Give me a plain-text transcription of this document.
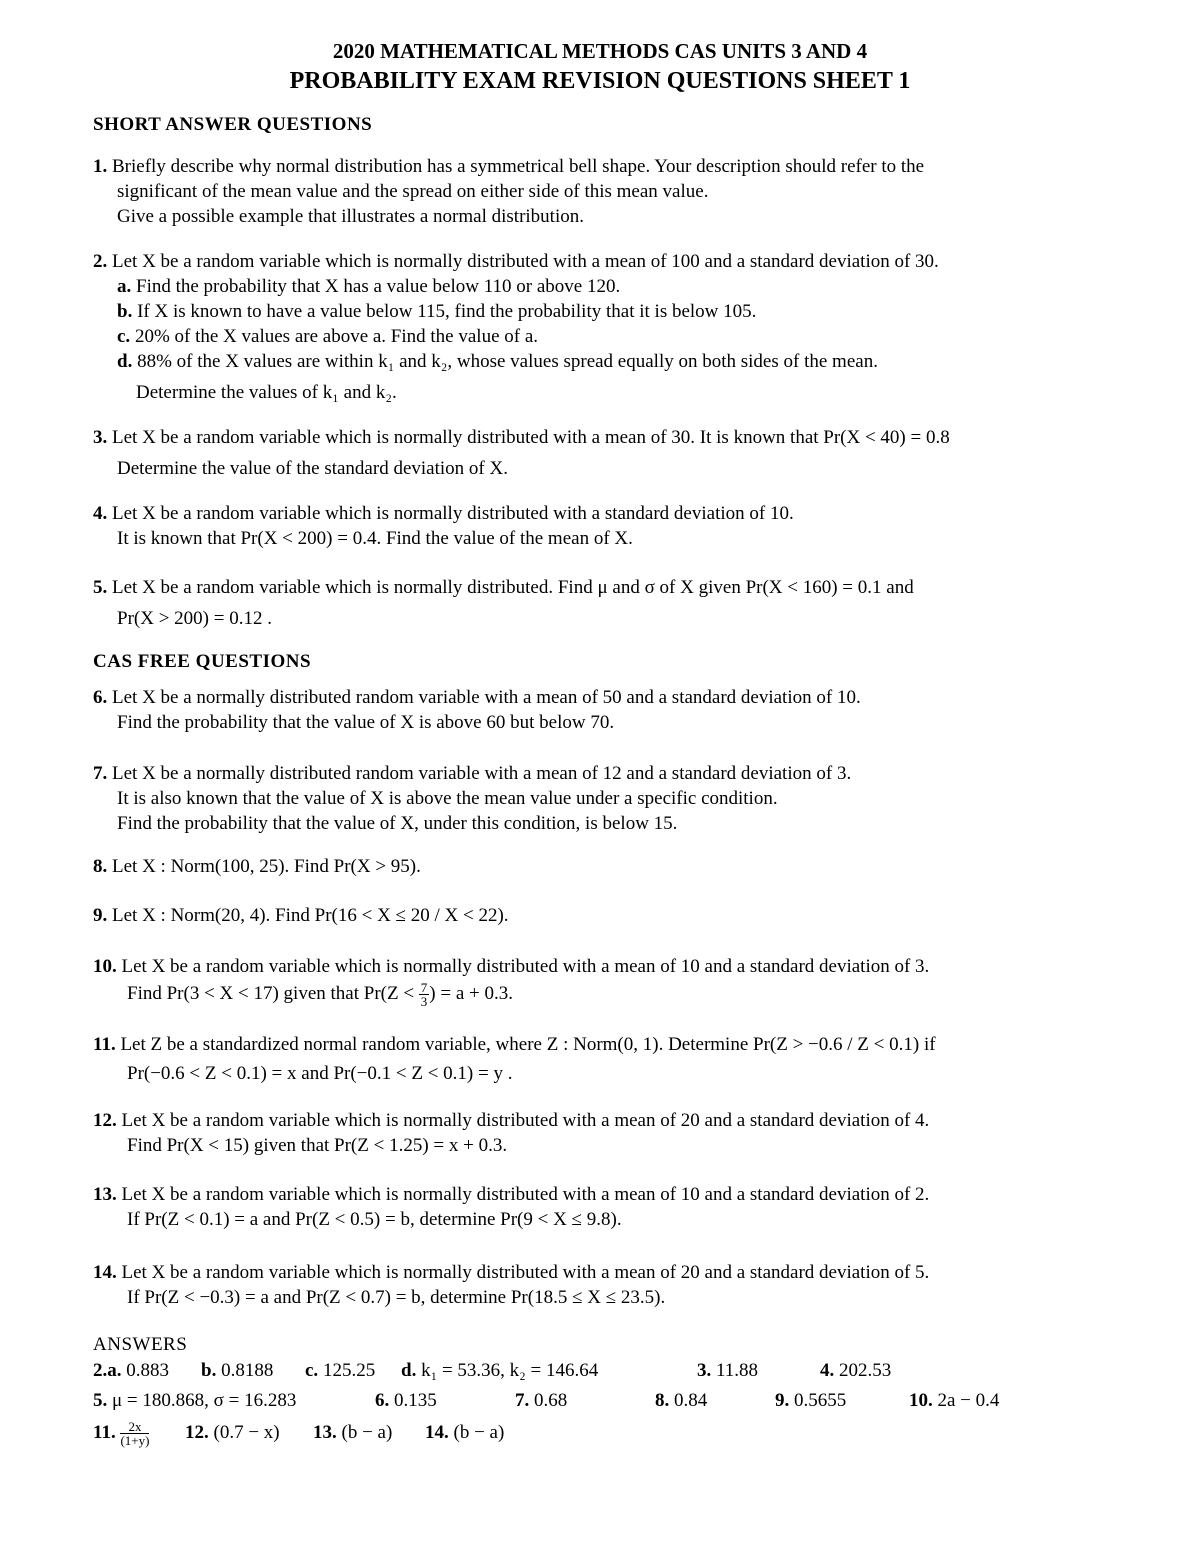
2020 MATHEMATICAL METHODS CAS UNITS 3 AND 4
PROBABILITY EXAM REVISION QUESTIONS SHEET 1
SHORT ANSWER QUESTIONS
1. Briefly describe why normal distribution has a symmetrical bell shape. Your description should refer to the
significant of the mean value and the spread on either side of this mean value.
Give a possible example that illustrates a normal distribution.
2. Let X be a random variable which is normally distributed with a mean of 100 and a standard deviation of 30.
a. Find the probability that X has a value below 110 or above 120.
b. If X is known to have a value below 115, find the probability that it is below 105.
c. 20% of the X values are above a. Find the value of a.
d. 88% of the X values are within k₁ and k₂, whose values spread equally on both sides of the mean.
Determine the values of k₁ and k₂.
3. Let X be a random variable which is normally distributed with a mean of 30. It is known that Pr(X < 40) = 0.8
Determine the value of the standard deviation of X.
4. Let X be a random variable which is normally distributed with a standard deviation of 10.
It is known that Pr(X < 200) = 0.4. Find the value of the mean of X.
5. Let X be a random variable which is normally distributed. Find μ and σ of X given Pr(X < 160) = 0.1 and
Pr(X > 200) = 0.12 .
CAS FREE QUESTIONS
6. Let X be a normally distributed random variable with a mean of 50 and a standard deviation of 10.
Find the probability that the value of X is above 60 but below 70.
7. Let X be a normally distributed random variable with a mean of 12 and a standard deviation of 3.
It is also known that the value of X is above the mean value under a specific condition.
Find the probability that the value of X, under this condition, is below 15.
8. Let X : Norm(100, 25). Find Pr(X > 95).
9. Let X : Norm(20, 4). Find Pr(16 < X ≤ 20 / X < 22).
10. Let X be a random variable which is normally distributed with a mean of 10 and a standard deviation of 3.
Find Pr(3 < X < 17) given that $Pr(Z < \frac{7}{3}$ ) = a + 0.3.
11. Let Z be a standardized normal random variable, where Z : Norm(0, 1). Determine Pr(Z > −0.6 / Z < 0.1) if
Pr(−0.6 < Z < 0.1) = x and Pr(−0.1 < Z < 0.1) = y .
12. Let X be a random variable which is normally distributed with a mean of 20 and a standard deviation of 4.
Find Pr(X < 15) given that Pr(Z < 1.25) = x + 0.3.
13. Let X be a random variable which is normally distributed with a mean of 10 and a standard deviation of 2.
If Pr(Z < 0.1) = a and Pr(Z < 0.5) = b, determine Pr(9 < X ≤ 9.8).
14. Let X be a random variable which is normally distributed with a mean of 20 and a standard deviation of 5.
If Pr(Z < −0.3) = a and Pr(Z < 0.7) = b, determine Pr(18.5 ≤ X ≤ 23.5).
ANSWERS
2.a. 0.883 b. 0.8188 c. 125.25 d. k₁ = 53.36, k₂ = 146.64	3. 11.88	4. 202.53
5. μ = 180.868, σ = 16.283	6. 0.135	7. 0.68	8. 0.84	9. 0.5655	10. 2a − 0.4
11. $\frac{2x}{(1+y)} 12$. (0.7 − x) 13. (b − a) 14. (b − a)
